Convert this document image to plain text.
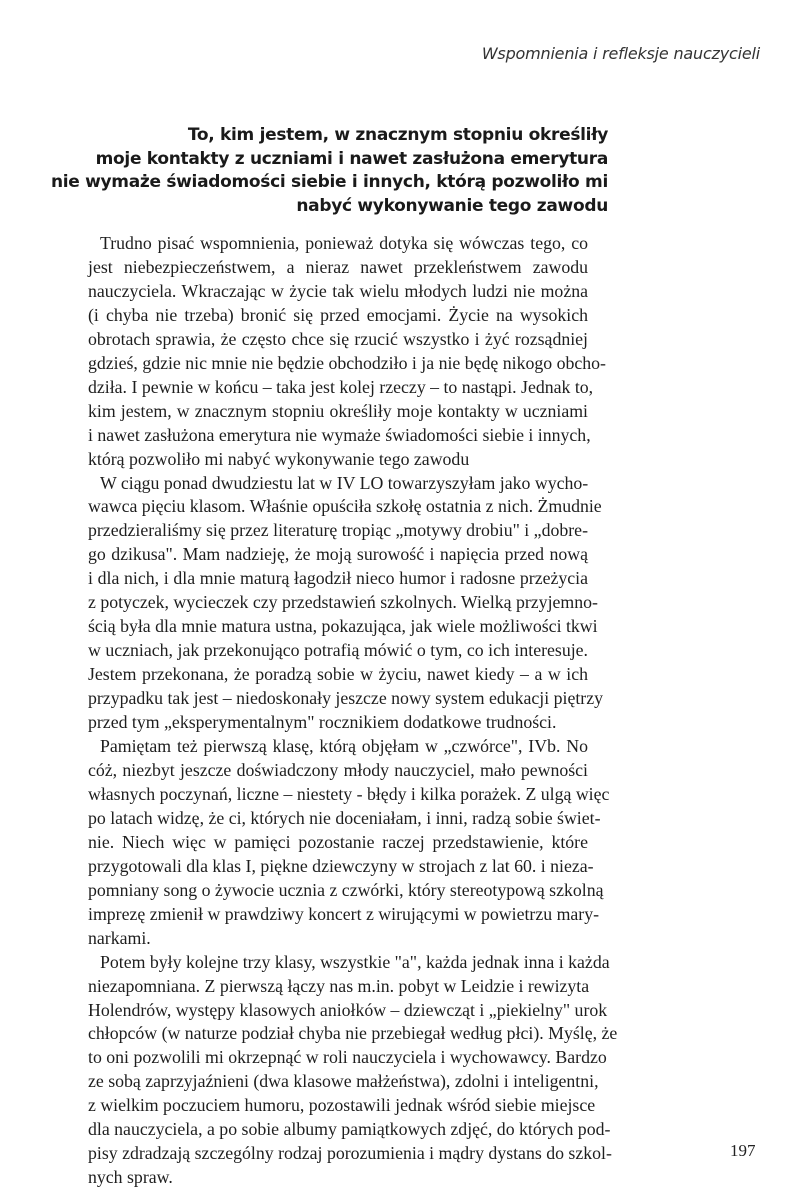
Wspomnienia i refleksje nauczycieli
To, kim jestem, w znacznym stopniu określiły
moje kontakty z uczniami i nawet zasłużona emerytura
nie wymaże świadomości siebie i innych, którą pozwoliło mi
nabyć wykonywanie tego zawodu
Trudno pisać wspomnienia, ponieważ dotyka się wówczas tego, co
jest niebezpieczeństwem, a nieraz nawet przekleństwem zawodu
nauczyciela. Wkraczając w życie tak wielu młodych ludzi nie można
(i chyba nie trzeba) bronić się przed emocjami. Życie na wysokich
obrotach sprawia, że często chce się rzucić wszystko i żyć rozsądniej
gdzieś, gdzie nic mnie nie będzie obchodziło i ja nie będę nikogo obcho-
dziła. I pewnie w końcu – taka jest kolej rzeczy – to nastąpi. Jednak to,
kim jestem, w znacznym stopniu określiły moje kontakty w uczniami
i nawet zasłużona emerytura nie wymaże świadomości siebie i innych,
którą pozwoliło mi nabyć wykonywanie tego zawodu
W ciągu ponad dwudziestu lat w IV LO towarzyszyłam jako wycho-
wawca pięciu klasom. Właśnie opuściła szkołę ostatnia z nich. Żmudnie
przedzieraliśmy się przez literaturę tropiąc „motywy drobiu" i „dobre-
go dzikusa". Mam nadzieję, że moją surowość i napięcia przed nową
i dla nich, i dla mnie maturą łagodził nieco humor i radosne przeżycia
z potyczek, wycieczek czy przedstawień szkolnych. Wielką przyjemno-
ścią była dla mnie matura ustna, pokazująca, jak wiele możliwości tkwi
w uczniach, jak przekonująco potrafią mówić o tym, co ich interesuje.
Jestem przekonana, że poradzą sobie w życiu, nawet kiedy – a w ich
przypadku tak jest – niedoskonały jeszcze nowy system edukacji piętrzy
przed tym „eksperymentalnym" rocznikiem dodatkowe trudności.
Pamiętam też pierwszą klasę, którą objęłam w „czwórce", IVb. No
cóż, niezbyt jeszcze doświadczony młody nauczyciel, mało pewności
własnych poczynań, liczne – niestety - błędy i kilka porażek. Z ulgą więc
po latach widzę, że ci, których nie doceniałam, i inni, radzą sobie świet-
nie. Niech więc w pamięci pozostanie raczej przedstawienie, które
przygotowali dla klas I, piękne dziewczyny w strojach z lat 60. i nieza-
pomniany song o żywocie ucznia z czwórki, który stereotypową szkolną
imprezę zmienił w prawdziwy koncert z wirującymi w powietrzu mary-
narkami.
Potem były kolejne trzy klasy, wszystkie "a", każda jednak inna i każda
niezapomniana. Z pierwszą łączy nas m.in. pobyt w Leidzie i rewizyta
Holendrów, występy klasowych aniołków – dziewcząt i „piekielny" urok
chłopców (w naturze podział chyba nie przebiegał według płci). Myślę, że
to oni pozwolili mi okrzepnąć w roli nauczyciela i wychowawcy. Bardzo
ze sobą zaprzyjaźnieni (dwa klasowe małżeństwa), zdolni i inteligentni,
z wielkim poczuciem humoru, pozostawili jednak wśród siebie miejsce
dla nauczyciela, a po sobie albumy pamiątkowych zdjęć, do których pod-
pisy zdradzają szczególny rodzaj porozumienia i mądry dystans do szkol-
nych spraw.
197
